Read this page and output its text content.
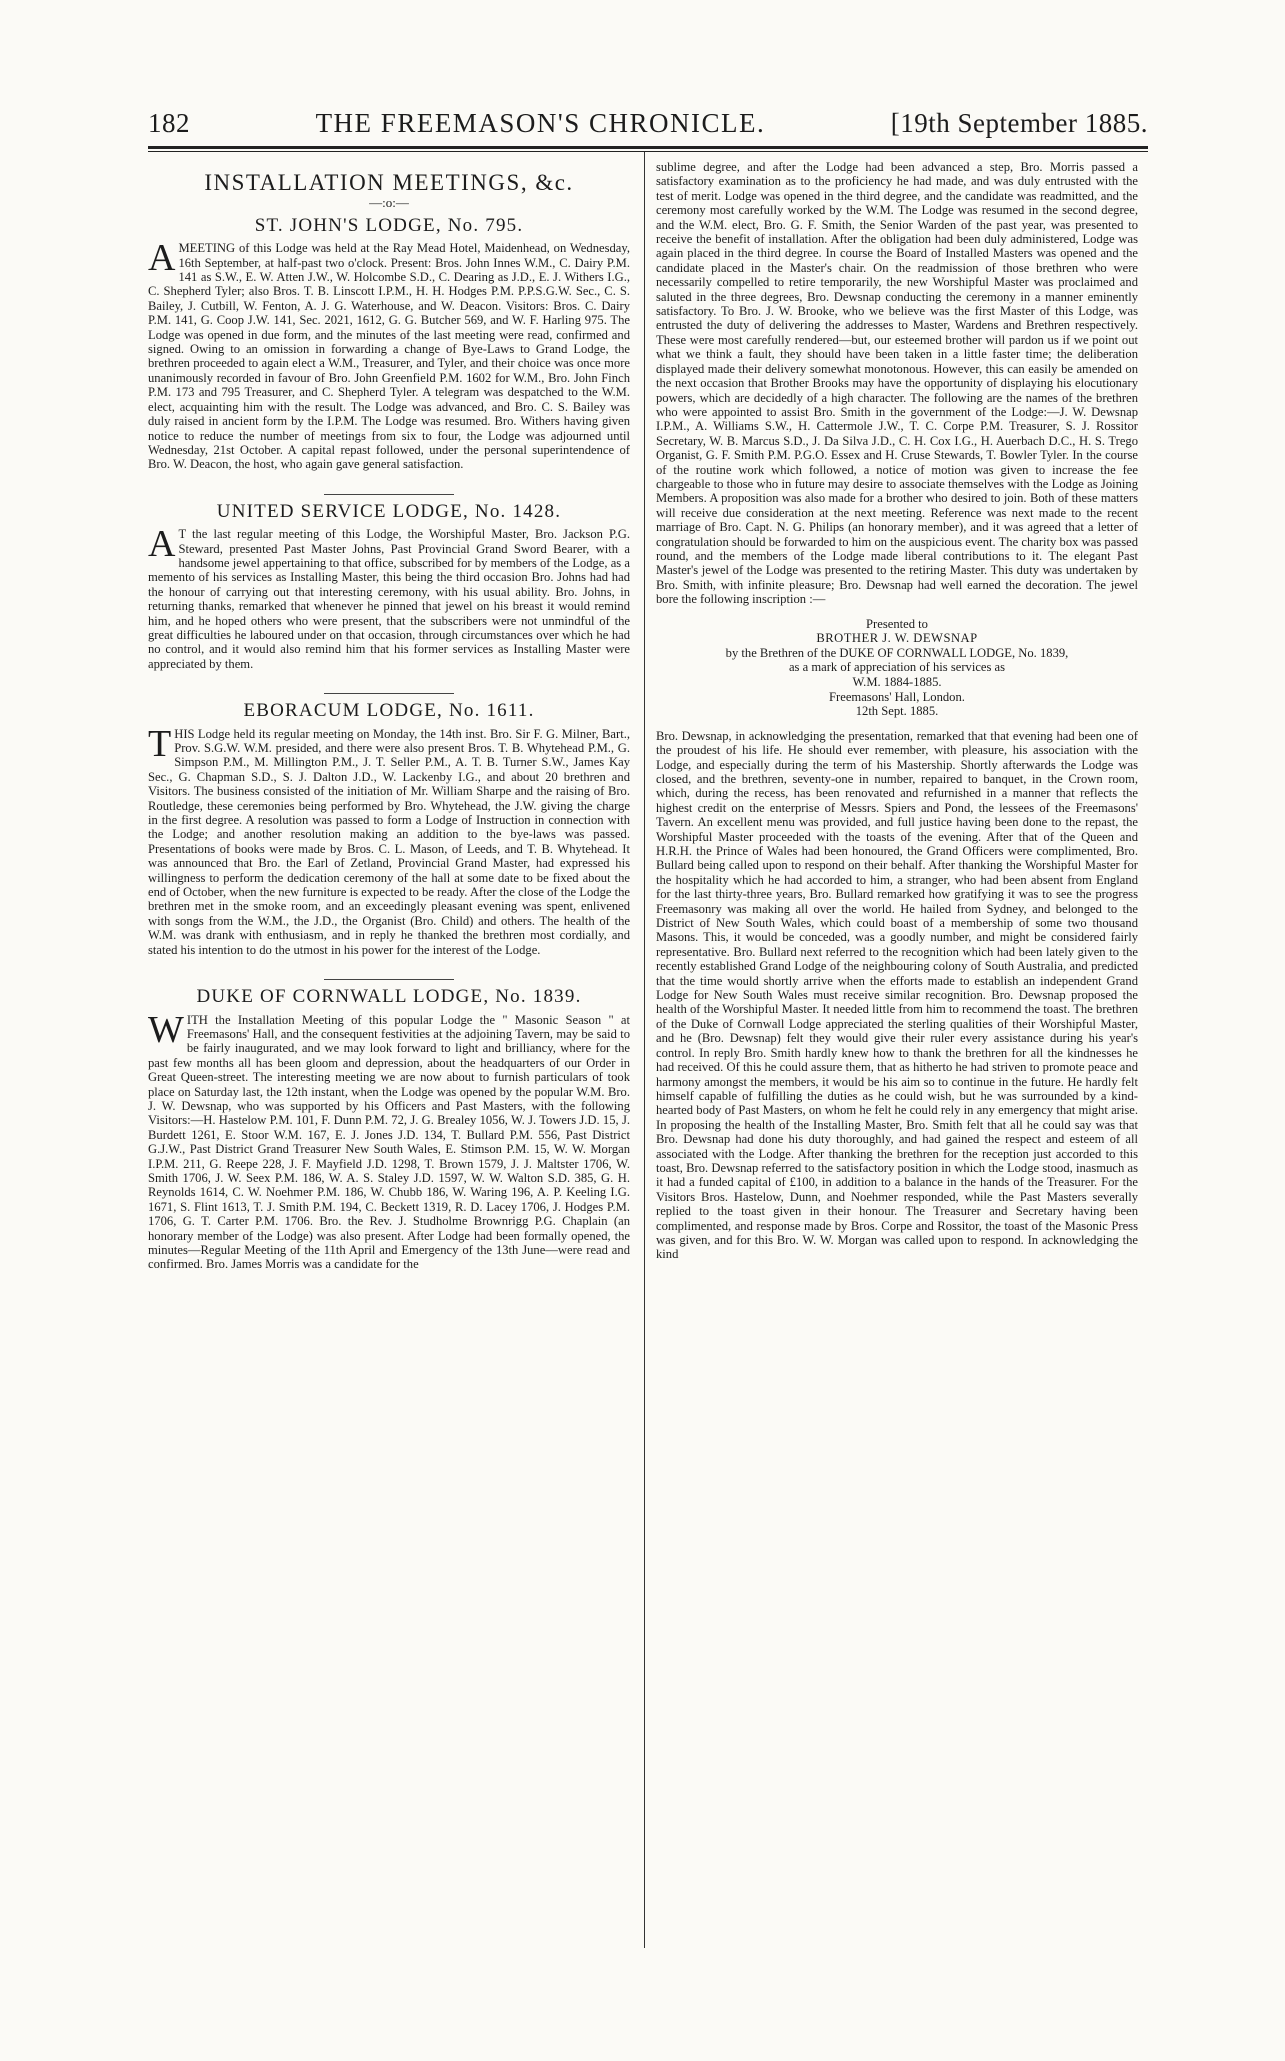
182	THE FREEMASON'S CHRONICLE.	[19th September 1885.
INSTALLATION MEETINGS, &c.
—:o:—
ST. JOHN'S LODGE, No. 795.

AMEETING of this Lodge was held at the Ray Mead Hotel, Maidenhead, on Wednesday, 16th September, at half-past two o'clock. Present: Bros. John Innes W.M., C. Dairy P.M. 141 as S.W., E. W. Atten J.W., W. Holcombe S.D., C. Dearing as J.D., E. J. Withers I.G., C. Shepherd Tyler; also Bros. T. B. Linscott I.P.M., H. H. Hodges P.M. P.P.S.G.W. Sec., C. S. Bailey, J. Cutbill, W. Fenton, A. J. G. Waterhouse, and W. Deacon. Visitors: Bros. C. Dairy P.M. 141, G. Coop J.W. 141, Sec. 2021, 1612, G. G. Butcher 569, and W. F. Harling 975. The Lodge was opened in due form, and the minutes of the last meeting were read, confirmed and signed. Owing to an omission in forwarding a change of Bye-Laws to Grand Lodge, the brethren proceeded to again elect a W.M., Treasurer, and Tyler, and their choice was once more unanimously recorded in favour of Bro. John Greenfield P.M. 1602 for W.M., Bro. John Finch P.M. 173 and 795 Treasurer, and C. Shepherd Tyler. A telegram was despatched to the W.M. elect, acquainting him with the result. The Lodge was advanced, and Bro. C. S. Bailey was duly raised in ancient form by the I.P.M. The Lodge was resumed. Bro. Withers having given notice to reduce the number of meetings from six to four, the Lodge was adjourned until Wednesday, 21st October. A capital repast followed, under the personal superintendence of Bro. W. Deacon, the host, who again gave general satisfaction.

UNITED SERVICE LODGE, No. 1428.

AT the last regular meeting of this Lodge, the Worshipful Master, Bro. Jackson P.G. Steward, presented Past Master Johns, Past Provincial Grand Sword Bearer, with a handsome jewel appertaining to that office, subscribed for by members of the Lodge, as a memento of his services as Installing Master, this being the third occasion Bro. Johns had had the honour of carrying out that interesting ceremony, with his usual ability. Bro. Johns, in returning thanks, remarked that whenever he pinned that jewel on his breast it would remind him, and he hoped others who were present, that the subscribers were not unmindful of the great difficulties he laboured under on that occasion, through circumstances over which he had no control, and it would also remind him that his former services as Installing Master were appreciated by them.

EBORACUM LODGE, No. 1611.

THIS Lodge held its regular meeting on Monday, the 14th inst. Bro. Sir F. G. Milner, Bart., Prov. S.G.W. W.M. presided, and there were also present Bros. T. B. Whytehead P.M., G. Simpson P.M., M. Millington P.M., J. T. Seller P.M., A. T. B. Turner S.W., James Kay Sec., G. Chapman S.D., S. J. Dalton J.D., W. Lackenby I.G., and about 20 brethren and Visitors. The business consisted of the initiation of Mr. William Sharpe and the raising of Bro. Routledge, these ceremonies being performed by Bro. Whytehead, the J.W. giving the charge in the first degree. A resolution was passed to form a Lodge of Instruction in connection with the Lodge; and another resolution making an addition to the bye-laws was passed. Presentations of books were made by Bros. C. L. Mason, of Leeds, and T. B. Whytehead. It was announced that Bro. the Earl of Zetland, Provincial Grand Master, had expressed his willingness to perform the dedication ceremony of the hall at some date to be fixed about the end of October, when the new furniture is expected to be ready. After the close of the Lodge the brethren met in the smoke room, and an exceedingly pleasant evening was spent, enlivened with songs from the W.M., the J.D., the Organist (Bro. Child) and others. The health of the W.M. was drank with enthusiasm, and in reply he thanked the brethren most cordially, and stated his intention to do the utmost in his power for the interest of the Lodge.

DUKE OF CORNWALL LODGE, No. 1839.

WITH the Installation Meeting of this popular Lodge the " Masonic Season " at Freemasons' Hall, and the consequent festivities at the adjoining Tavern, may be said to be fairly inaugurated, and we may look forward to light and brilliancy, where for the past few months all has been gloom and depression, about the headquarters of our Order in Great Queen-street. The interesting meeting we are now about to furnish particulars of took place on Saturday last, the 12th instant, when the Lodge was opened by the popular W.M. Bro. J. W. Dewsnap, who was supported by his Officers and Past Masters, with the following Visitors:—H. Hastelow P.M. 101, F. Dunn P.M. 72, J. G. Brealey 1056, W. J. Towers J.D. 15, J. Burdett 1261, E. Stoor W.M. 167, E. J. Jones J.D. 134, T. Bullard P.M. 556, Past District G.J.W., Past District Grand Treasurer New South Wales, E. Stimson P.M. 15, W. W. Morgan I.P.M. 211, G. Reepe 228, J. F. Mayfield J.D. 1298, T. Brown 1579, J. J. Maltster 1706, W. Smith 1706, J. W. Seex P.M. 186, W. A. S. Staley J.D. 1597, W. W. Walton S.D. 385, G. H. Reynolds 1614, C. W. Noehmer P.M. 186, W. Chubb 186, W. Waring 196, A. P. Keeling I.G. 1671, S. Flint 1613, T. J. Smith P.M. 194, C. Beckett 1319, R. D. Lacey 1706, J. Hodges P.M. 1706, G. T. Carter P.M. 1706. Bro. the Rev. J. Studholme Brownrigg P.G. Chaplain (an honorary member of the Lodge) was also present. After Lodge had been formally opened, the minutes—Regular Meeting of the 11th April and Emergency of the 13th June—were read and confirmed. Bro. James Morris was a candidate for the

sublime degree, and after the Lodge had been advanced a step, Bro. Morris passed a satisfactory examination as to the proficiency he had made, and was duly entrusted with the test of merit. Lodge was opened in the third degree, and the candidate was readmitted, and the ceremony most carefully worked by the W.M. The Lodge was resumed in the second degree, and the W.M. elect, Bro. G. F. Smith, the Senior Warden of the past year, was presented to receive the benefit of installation. After the obligation had been duly administered, Lodge was again placed in the third degree. In course the Board of Installed Masters was opened and the candidate placed in the Master's chair. On the readmission of those brethren who were necessarily compelled to retire temporarily, the new Worshipful Master was proclaimed and saluted in the three degrees, Bro. Dewsnap conducting the ceremony in a manner eminently satisfactory. To Bro. J. W. Brooke, who we believe was the first Master of this Lodge, was entrusted the duty of delivering the addresses to Master, Wardens and Brethren respectively. These were most carefully rendered—but, our esteemed brother will pardon us if we point out what we think a fault, they should have been taken in a little faster time; the deliberation displayed made their delivery somewhat monotonous. However, this can easily be amended on the next occasion that Brother Brooks may have the opportunity of displaying his elocutionary powers, which are decidedly of a high character. The following are the names of the brethren who were appointed to assist Bro. Smith in the government of the Lodge:—J. W. Dewsnap I.P.M., A. Williams S.W., H. Cattermole J.W., T. C. Corpe P.M. Treasurer, S. J. Rossitor Secretary, W. B. Marcus S.D., J. Da Silva J.D., C. H. Cox I.G., H. Auerbach D.C., H. S. Trego Organist, G. F. Smith P.M. P.G.O. Essex and H. Cruse Stewards, T. Bowler Tyler. In the course of the routine work which followed, a notice of motion was given to increase the fee chargeable to those who in future may desire to associate themselves with the Lodge as Joining Members. A proposition was also made for a brother who desired to join. Both of these matters will receive due consideration at the next meeting. Reference was next made to the recent marriage of Bro. Capt. N. G. Philips (an honorary member), and it was agreed that a letter of congratulation should be forwarded to him on the auspicious event. The charity box was passed round, and the members of the Lodge made liberal contributions to it. The elegant Past Master's jewel of the Lodge was presented to the retiring Master. This duty was undertaken by Bro. Smith, with infinite pleasure; Bro. Dewsnap had well earned the decoration. The jewel bore the following inscription :—

Presented to
BROTHER J. W. DEWSNAP
by the Brethren of the DUKE OF CORNWALL LODGE, No. 1839,
as a mark of appreciation of his services as
W.M. 1884-1885.
Freemasons' Hall, London.
12th Sept. 1885.

Bro. Dewsnap, in acknowledging the presentation, remarked that that evening had been one of the proudest of his life. He should ever remember, with pleasure, his association with the Lodge, and especially during the term of his Mastership. Shortly afterwards the Lodge was closed, and the brethren, seventy-one in number, repaired to banquet, in the Crown room, which, during the recess, has been renovated and refurnished in a manner that reflects the highest credit on the enterprise of Messrs. Spiers and Pond, the lessees of the Freemasons' Tavern. An excellent menu was provided, and full justice having been done to the repast, the Worshipful Master proceeded with the toasts of the evening. After that of the Queen and H.R.H. the Prince of Wales had been honoured, the Grand Officers were complimented, Bro. Bullard being called upon to respond on their behalf. After thanking the Worshipful Master for the hospitality which he had accorded to him, a stranger, who had been absent from England for the last thirty-three years, Bro. Bullard remarked how gratifying it was to see the progress Freemasonry was making all over the world. He hailed from Sydney, and belonged to the District of New South Wales, which could boast of a membership of some two thousand Masons. This, it would be conceded, was a goodly number, and might be considered fairly representative. Bro. Bullard next referred to the recognition which had been lately given to the recently established Grand Lodge of the neighbouring colony of South Australia, and predicted that the time would shortly arrive when the efforts made to establish an independent Grand Lodge for New South Wales must receive similar recognition. Bro. Dewsnap proposed the health of the Worshipful Master. It needed little from him to recommend the toast. The brethren of the Duke of Cornwall Lodge appreciated the sterling qualities of their Worshipful Master, and he (Bro. Dewsnap) felt they would give their ruler every assistance during his year's control. In reply Bro. Smith hardly knew how to thank the brethren for all the kindnesses he had received. Of this he could assure them, that as hitherto he had striven to promote peace and harmony amongst the members, it would be his aim so to continue in the future. He hardly felt himself capable of fulfilling the duties as he could wish, but he was surrounded by a kind-hearted body of Past Masters, on whom he felt he could rely in any emergency that might arise. In proposing the health of the Installing Master, Bro. Smith felt that all he could say was that Bro. Dewsnap had done his duty thoroughly, and had gained the respect and esteem of all associated with the Lodge. After thanking the brethren for the reception just accorded to this toast, Bro. Dewsnap referred to the satisfactory position in which the Lodge stood, inasmuch as it had a funded capital of £100, in addition to a balance in the hands of the Treasurer. For the Visitors Bros. Hastelow, Dunn, and Noehmer responded, while the Past Masters severally replied to the toast given in their honour. The Treasurer and Secretary having been complimented, and response made by Bros. Corpe and Rossitor, the toast of the Masonic Press was given, and for this Bro. W. W. Morgan was called upon to respond. In acknowledging the kind
